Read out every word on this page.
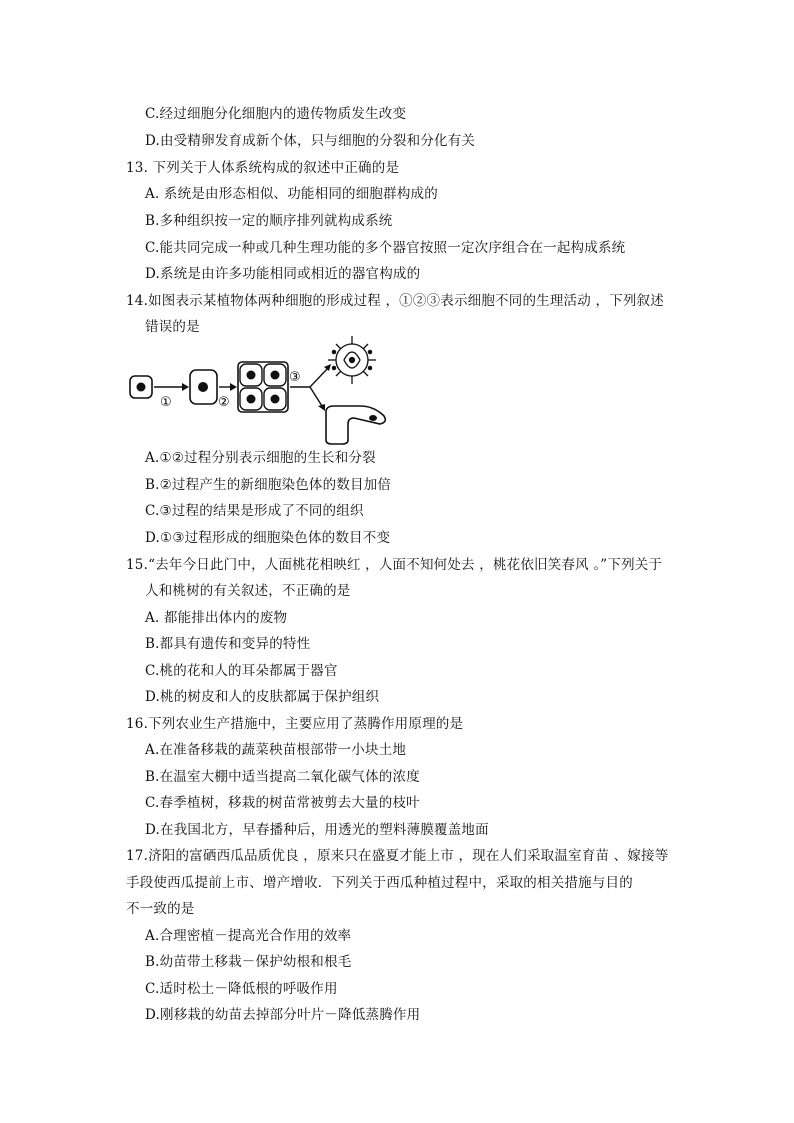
C.经过细胞分化细胞内的遗传物质发生改变
D.由受精卵发育成新个体，只与细胞的分裂和分化有关
13. 下列关于人体系统构成的叙述中正确的是
A. 系统是由形态相似、功能相同的细胞群构成的
B.多种组织按一定的顺序排列就构成系统
C.能共同完成一种或几种生理功能的多个器官按照一定次序组合在一起构成系统
D.系统是由许多功能相同或相近的器官构成的
14.如图表示某植物体两种细胞的形成过程 ，①②③表示细胞不同的生理活动 ，下列叙述
错误的是
①	②
③
A.①②过程分别表示细胞的生长和分裂
B.②过程产生的新细胞染色体的数目加倍
C.③过程的结果是形成了不同的组织
D.①③过程形成的细胞染色体的数目不变
15.“去年今日此门中，人面桃花相映红 ，人面不知何处去 ，桃花依旧笑春风 。”下列关于
人和桃树的有关叙述，不正确的是
A. 都能排出体内的废物
B.都具有遗传和变异的特性
C.桃的花和人的耳朵都属于器官
D.桃的树皮和人的皮肤都属于保护组织
16.下列农业生产措施中，主要应用了蒸腾作用原理的是
A.在准备移栽的蔬菜秧苗根部带一小块土地
B.在温室大棚中适当提高二氧化碳气体的浓度
C.春季植树，移栽的树苗常被剪去大量的枝叶
D.在我国北方，早春播种后，用透光的塑料薄膜覆盖地面
17.济阳的富硒西瓜品质优良 ，原来只在盛夏才能上市 ，现在人们采取温室育苗 、嫁接等
手段使西瓜提前上市、增产增收．下列关于西瓜种植过程中，采取的相关措施与目的
不一致的是
A.合理密植－提高光合作用的效率
B.幼苗带土移栽－保护幼根和根毛
C.适时松土－降低根的呼吸作用
D.刚移栽的幼苗去掉部分叶片－降低蒸腾作用
